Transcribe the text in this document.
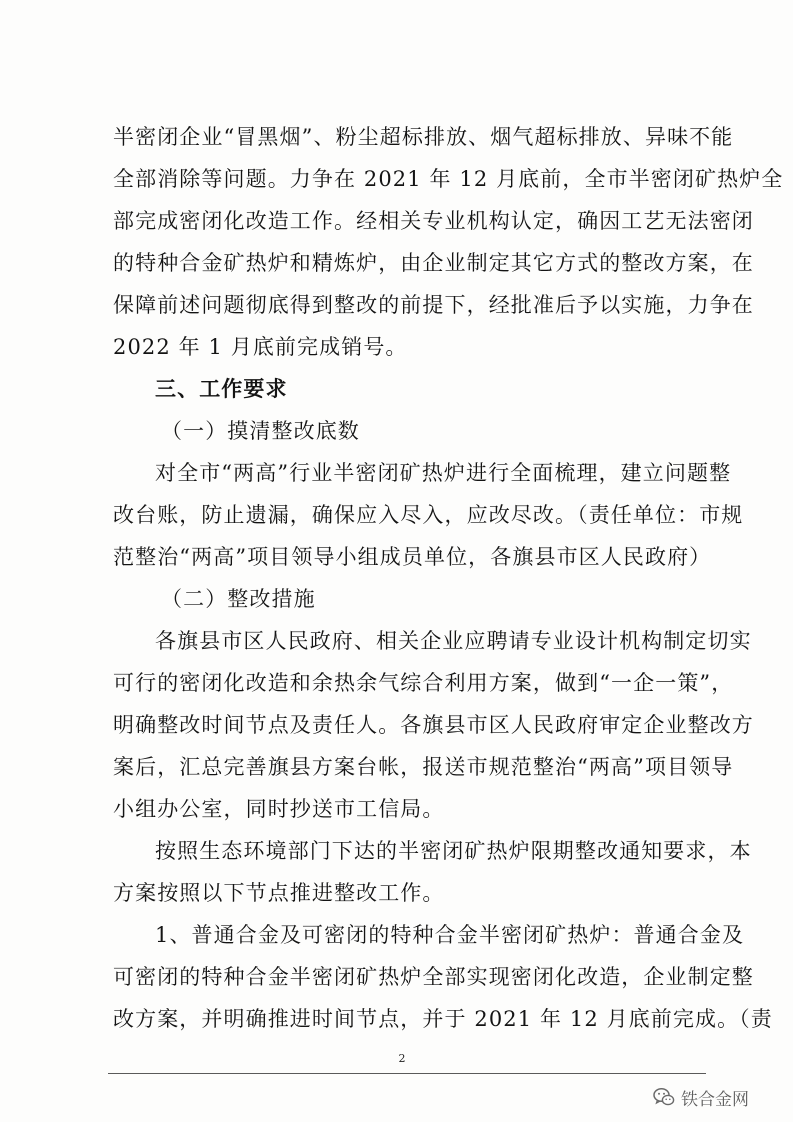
半密闭企业“冒黑烟”、粉尘超标排放、烟气超标排放、异味不能
全部消除等问题。力争在 2021 年 12 月底前，全市半密闭矿热炉全
部完成密闭化改造工作。经相关专业机构认定，确因工艺无法密闭
的特种合金矿热炉和精炼炉，由企业制定其它方式的整改方案，在
保障前述问题彻底得到整改的前提下，经批准后予以实施，力争在
2022 年 1 月底前完成销号。
三、工作要求
（一）摸清整改底数
对全市“两高”行业半密闭矿热炉进行全面梳理，建立问题整
改台账，防止遗漏，确保应入尽入，应改尽改。（责任单位：市规
范整治“两高”项目领导小组成员单位，各旗县市区人民政府）
（二）整改措施
各旗县市区人民政府、相关企业应聘请专业设计机构制定切实
可行的密闭化改造和余热余气综合利用方案，做到“一企一策”，
明确整改时间节点及责任人。各旗县市区人民政府审定企业整改方
案后，汇总完善旗县方案台帐，报送市规范整治“两高”项目领导
小组办公室，同时抄送市工信局。
按照生态环境部门下达的半密闭矿热炉限期整改通知要求，本
方案按照以下节点推进整改工作。
1、普通合金及可密闭的特种合金半密闭矿热炉：普通合金及
可密闭的特种合金半密闭矿热炉全部实现密闭化改造，企业制定整
改方案，并明确推进时间节点，并于 2021 年 12 月底前完成。（责
2
铁合金网
